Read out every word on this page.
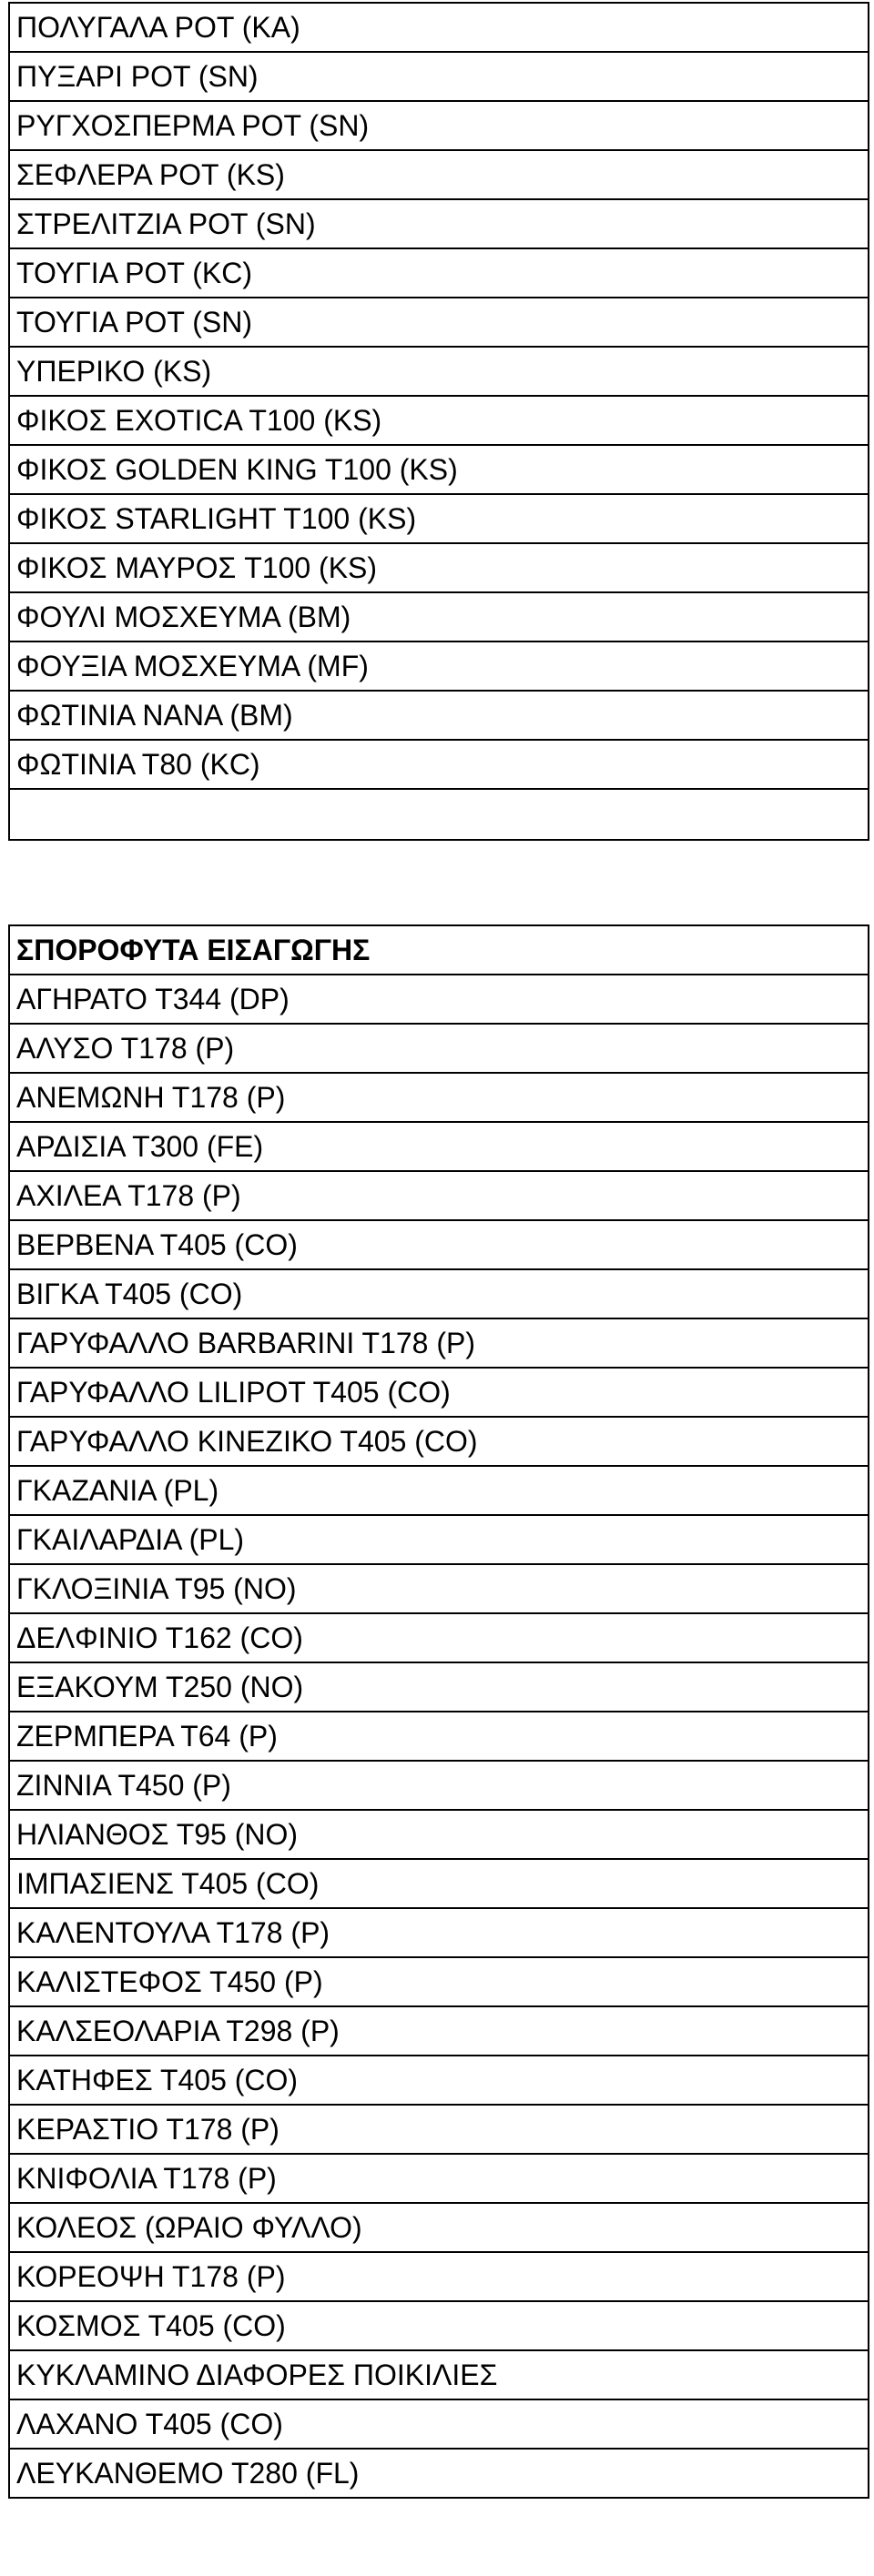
ΠΟΛΥΓΑΛΑ ΡΟΤ (KA)
ΠΥΞΑΡΙ ΡΟΤ (SN)
ΡΥΓΧΟΣΠΕΡΜΑ ΡΟΤ (SN)
ΣΕΦΛΕΡΑ ΡΟΤ (KS)
ΣΤΡΕΛΙΤΖΙΑ ΡΟΤ (SN)
ΤΟΥΓΙΑ ΡΟΤ (KC)
ΤΟΥΓΙΑ ΡΟΤ (SN)
ΥΠΕΡΙΚΟ (KS)
ΦΙΚΟΣ EXOTICA T100 (KS)
ΦΙΚΟΣ GOLDEN KING T100 (KS)
ΦΙΚΟΣ STARLIGHT T100 (KS)
ΦΙΚΟΣ ΜΑΥΡΟΣ T100 (KS)
ΦΟΥΛΙ ΜΟΣΧΕΥΜΑ (BM)
ΦΟΥΞΙΑ ΜΟΣΧΕΥΜΑ (MF)
ΦΩΤΙΝΙΑ ΝΑΝΑ (BM)
ΦΩΤΙΝΙΑ Τ80 (KC)

ΣΠΟΡΟΦΥΤΑ ΕΙΣΑΓΩΓΗΣ
ΑΓΗΡΑΤΟ Τ344 (DP)
ΑΛΥΣΟ Τ178 (P)
ΑΝΕΜΩΝΗ Τ178 (P)
ΑΡΔΙΣΙΑ Τ300 (FE)
ΑΧΙΛΕΑ Τ178 (P)
ΒΕΡΒΕΝΑ Τ405 (CO)
ΒΙΓΚΑ Τ405 (CO)
ΓΑΡΥΦΑΛΛΟ BARBARINI T178 (P)
ΓΑΡΥΦΑΛΛΟ LILIPOT T405 (CO)
ΓΑΡΥΦΑΛΛΟ ΚΙΝΕΖΙΚΟ Τ405 (CO)
ΓΚΑΖΑΝΙΑ (PL)
ΓΚΑΙΛΑΡΔΙΑ (PL)
ΓΚΛΟΞΙΝΙΑ Τ95 (NO)
ΔΕΛΦΙΝΙΟ Τ162 (CO)
ΕΞΑΚΟΥΜ Τ250 (NO)
ΖΕΡΜΠΕΡΑ Τ64 (P)
ΖΙΝΝΙΑ Τ450 (P)
ΗΛΙΑΝΘΟΣ Τ95 (NO)
ΙΜΠΑΣΙΕΝΣ Τ405 (CO)
ΚΑΛΕΝΤΟΥΛΑ Τ178 (P)
ΚΑΛΙΣΤΕΦΟΣ Τ450 (P)
ΚΑΛΣΕΟΛΑΡΙΑ Τ298 (P)
ΚΑΤΗΦΕΣ Τ405 (CO)
ΚΕΡΑΣΤΙΟ Τ178 (P)
ΚΝΙΦΟΛΙΑ Τ178 (P)
ΚΟΛΕΟΣ (ΩΡΑΙΟ ΦΥΛΛΟ)
ΚΟΡΕΟΨΗ Τ178 (P)
ΚΟΣΜΟΣ Τ405 (CO)
ΚΥΚΛΑΜΙΝΟ ΔΙΑΦΟΡΕΣ ΠΟΙΚΙΛΙΕΣ
ΛΑΧΑΝΟ Τ405 (CO)
ΛΕΥΚΑΝΘΕΜΟ Τ280 (FL)
